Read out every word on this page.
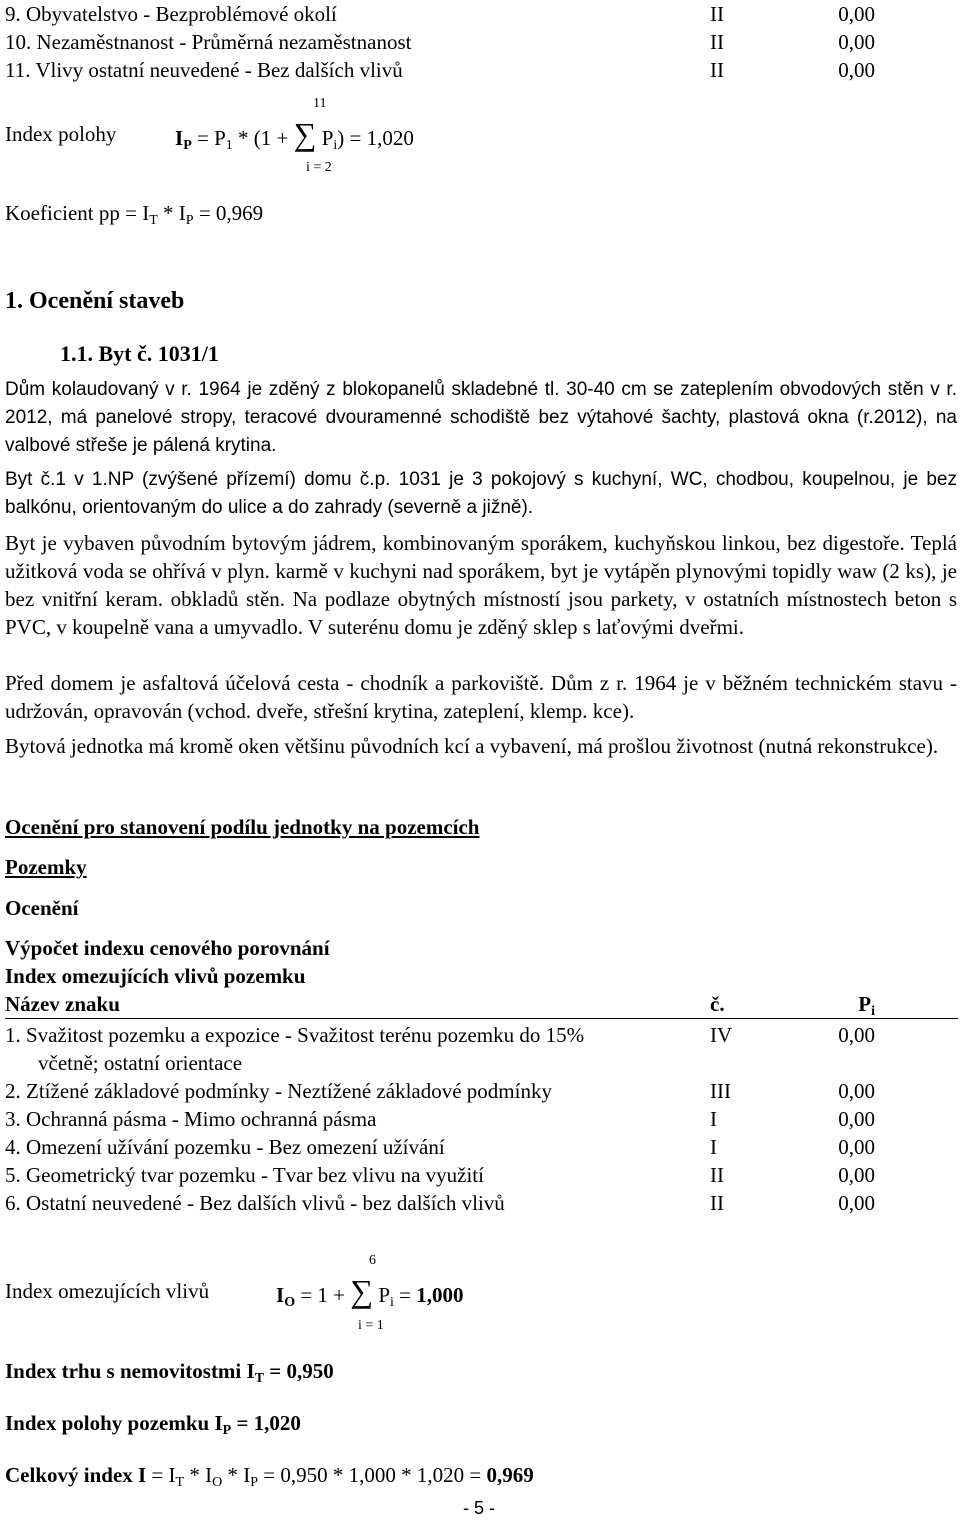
9. Obyvatelstvo - Bezproblémové okolí	II	0,00
10. Nezaměstnanost - Průměrná nezaměstnanost	II	0,00
11. Vlivy ostatní neuvedené - Bez dalších vlivů	II	0,00
11
Index polohy	$I_P = P_1 * (1$ + ∑ $P_i) = 1,020$
i = 2
Koeficient pp = $I_T * I_P = 0,969$
1. Ocenění staveb
1.1. Byt č. 1031/1
Dům kolaudovaný v r. 1964 je zděný z blokopanelů skladebné tl. 30-40 cm se zateplením obvodových stěn v r. 2012, má panelové stropy, teracové dvouramenné schodiště bez výtahové šachty, plastová okna (r.2012), na valbové střeše je pálená krytina.
Byt č.1 v 1.NP (zvýšené přízemí) domu č.p. 1031 je 3 pokojový s kuchyní, WC, chodbou, koupelnou, je bez balkónu, orientovaným do ulice a do zahrady (severně a jižně).
Byt je vybaven původním bytovým jádrem, kombinovaným sporákem, kuchyňskou linkou, bez digestoře. Teplá užitková voda se ohřívá v plyn. karmě v kuchyni nad sporákem, byt je vytápěn plynovými topidly waw (2 ks), je bez vnitřní keram. obkladů stěn. Na podlaze obytných místností jsou parkety, v ostatních místnostech beton s PVC, v koupelně vana a umyvadlo. V suterénu domu je zděný sklep s laťovými dveřmi.
Před domem je asfaltová účelová cesta - chodník a parkoviště. Dům z r. 1964 je v běžném technickém stavu - udržován, opravován (vchod. dveře, střešní krytina, zateplení, klemp. kce).
Bytová jednotka má kromě oken většinu původních kcí a vybavení, má prošlou životnost (nutná rekonstrukce).
Ocenění pro stanovení podílu jednotky na pozemcích
Pozemky
Ocenění
Výpočet indexu cenového porovnání
Index omezujících vlivů pozemku
Název znaku	č.	$P_i$
1. Svažitost pozemku a expozice - Svažitost terénu pozemku do 15%	IV	0,00
včetně; ostatní orientace
2. Ztížené základové podmínky - Neztížené základové podmínky	III	0,00
3. Ochranná pásma - Mimo ochranná pásma	I	0,00
4. Omezení užívání pozemku - Bez omezení užívání	I	0,00
5. Geometrický tvar pozemku - Tvar bez vlivu na využití	II	0,00
6. Ostatní neuvedené - Bez dalších vlivů - bez dalších vlivů	II	0,00
6
Index omezujících vlivů	$I_O = 1$ + ∑ $P_i = 1,000$
i = 1
Index trhu s nemovitostmi $I_T = 0,950$
Index polohy pozemku $I_P = 1,020$
Celkový index $I = I_T * I_O * I_P = 0,950 * 1,000 * 1,020 = 0,969$
- 5 -
